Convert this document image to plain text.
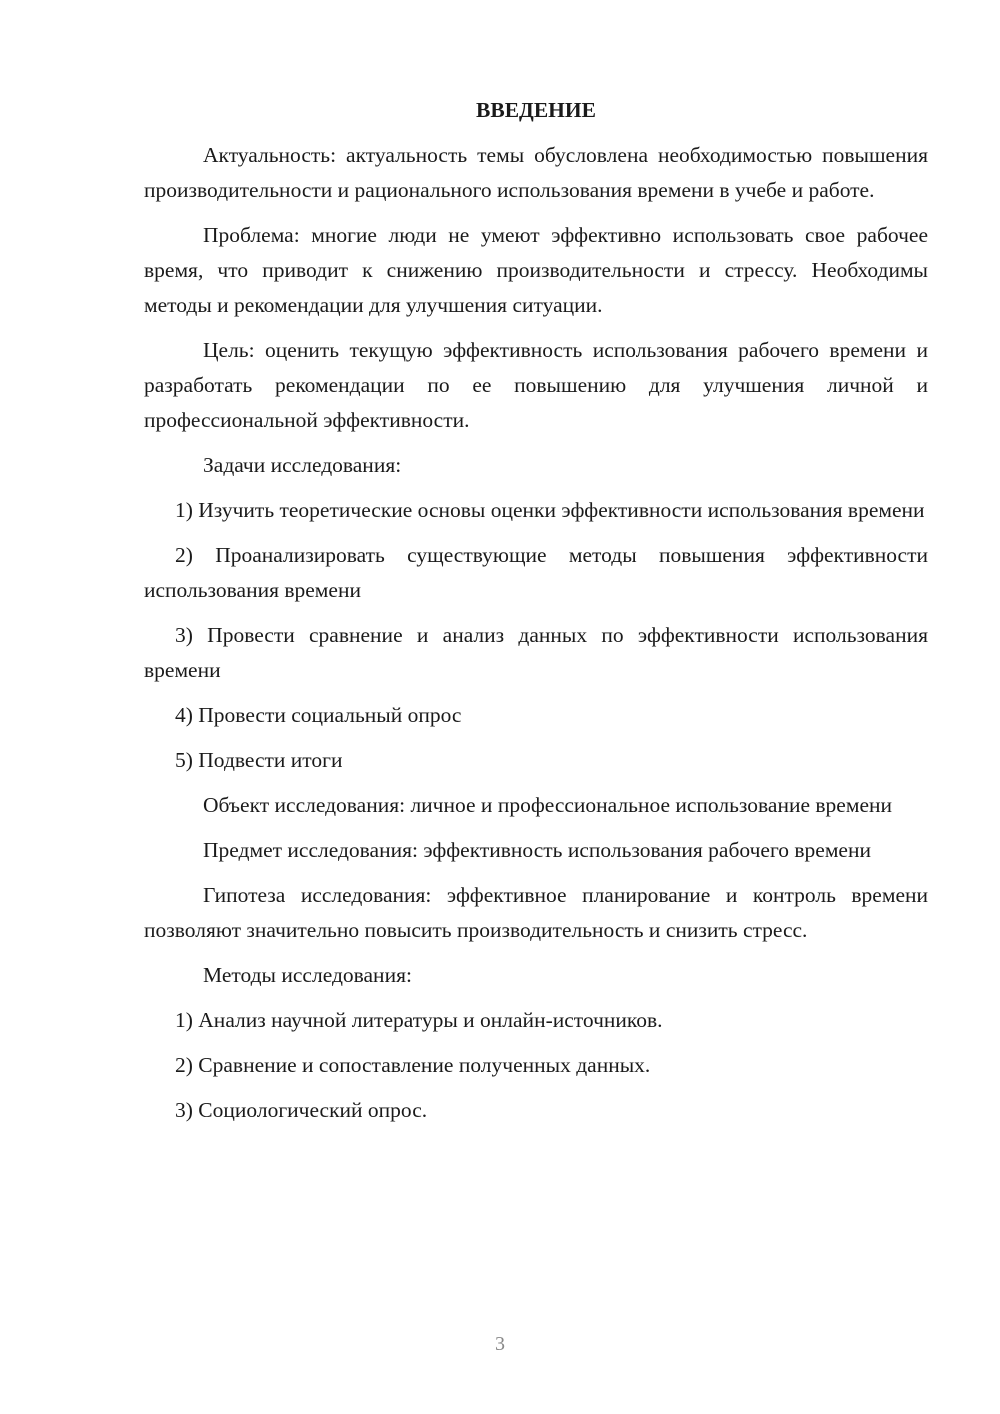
ВВЕДЕНИЕ

Актуальность: актуальность темы обусловлена необходимостью повышения производительности и рационального использования времени в учебе и работе.

Проблема: многие люди не умеют эффективно использовать свое рабочее время, что приводит к снижению производительности и стрессу. Необходимы методы и рекомендации для улучшения ситуации.

Цель: оценить текущую эффективность использования рабочего времени и разработать рекомендации по ее повышению для улучшения личной и профессиональной эффективности.

Задачи исследования:

1) Изучить теоретические основы оценки эффективности использования времени

2) Проанализировать существующие методы повышения эффективности использования времени

3) Провести сравнение и анализ данных по эффективности использования времени

4) Провести социальный опрос

5) Подвести итоги

Объект исследования: личное и профессиональное использование времени

Предмет исследования: эффективность использования рабочего времени

Гипотеза исследования: эффективное планирование и контроль времени позволяют значительно повысить производительность и снизить стресс.

Методы исследования:

1) Анализ научной литературы и онлайн-источников.

2) Сравнение и сопоставление полученных данных.

3) Социологический опрос.

3
